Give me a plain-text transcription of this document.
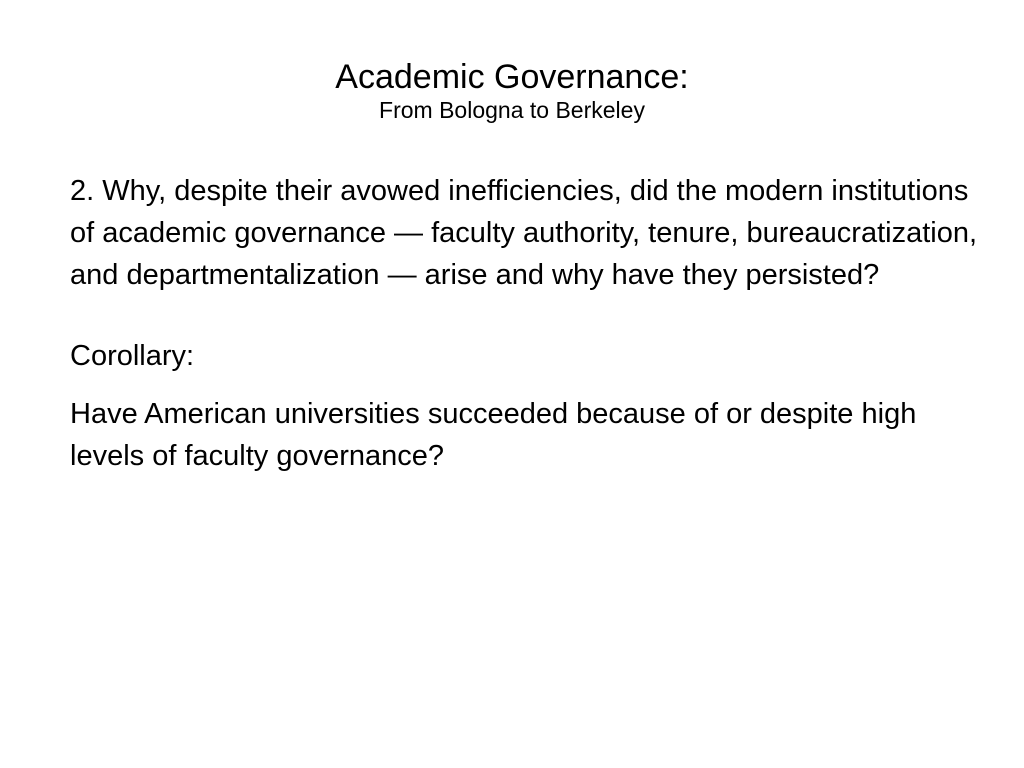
Academic Governance:
From Bologna to Berkeley

2. Why, despite their avowed inefficiencies, did the modern institutions of academic governance — faculty authority, tenure, bureaucratization, and departmentalization — arise and why have they persisted?

Corollary:

Have American universities succeeded because of or despite high levels of faculty governance?
